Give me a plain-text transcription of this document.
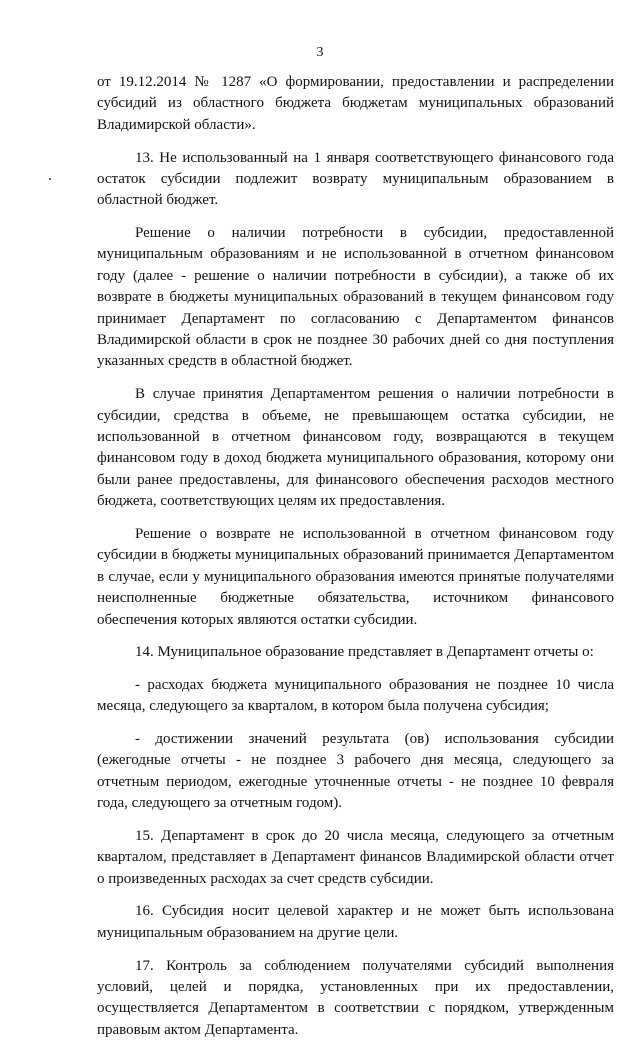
3

от 19.12.2014 № 1287 «О формировании, предоставлении и распределении субсидий из областного бюджета бюджетам муниципальных образований Владимирской области».

13. Не использованный на 1 января соответствующего финансового года остаток субсидии подлежит возврату муниципальным образованием в областной бюджет.

Решение о наличии потребности в субсидии, предоставленной муниципальным образованиям и не использованной в отчетном финансовом году (далее - решение о наличии потребности в субсидии), а также об их возврате в бюджеты муниципальных образований в текущем финансовом году принимает Департамент по согласованию с Департаментом финансов Владимирской области в срок не позднее 30 рабочих дней со дня поступления указанных средств в областной бюджет.

В случае принятия Департаментом решения о наличии потребности в субсидии, средства в объеме, не превышающем остатка субсидии, не использованной в отчетном финансовом году, возвращаются в текущем финансовом году в доход бюджета муниципального образования, которому они были ранее предоставлены, для финансового обеспечения расходов местного бюджета, соответствующих целям их предоставления.

Решение о возврате не использованной в отчетном финансовом году субсидии в бюджеты муниципальных образований принимается Департаментом в случае, если у муниципального образования имеются принятые получателями неисполненные бюджетные обязательства, источником финансового обеспечения которых являются остатки субсидии.

14. Муниципальное образование представляет в Департамент отчеты о:

- расходах бюджета муниципального образования не позднее 10 числа месяца, следующего за кварталом, в котором была получена субсидия;

- достижении значений результата (ов) использования субсидии (ежегодные отчеты - не позднее 3 рабочего дня месяца, следующего за отчетным периодом, ежегодные уточненные отчеты - не позднее 10 февраля года, следующего за отчетным годом).

15. Департамент в срок до 20 числа месяца, следующего за отчетным кварталом, представляет в Департамент финансов Владимирской области отчет о произведенных расходах за счет средств субсидии.

16. Субсидия носит целевой характер и не может быть использована муниципальным образованием на другие цели.

17. Контроль за соблюдением получателями субсидий выполнения условий, целей и порядка, установленных при их предоставлении, осуществляется Департаментом в соответствии с порядком, утвержденным правовым актом Департамента.
